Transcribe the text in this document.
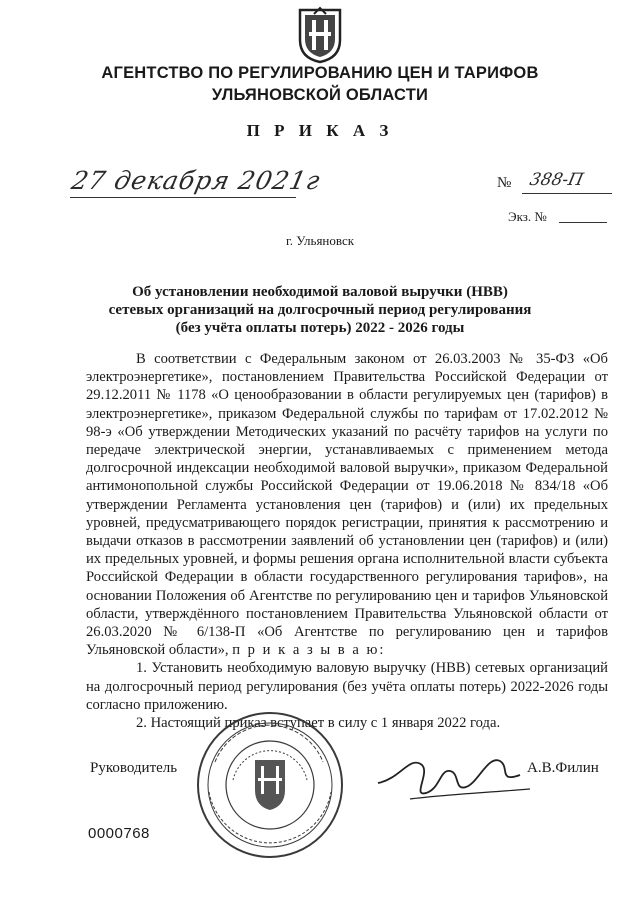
АГЕНТСТВО ПО РЕГУЛИРОВАНИЮ ЦЕН И ТАРИФОВ
УЛЬЯНОВСКОЙ ОБЛАСТИ
П Р И К А З
27 декабря 2021г	№ 388-П
Экз. №
г. Ульяновск
Об установлении необходимой валовой выручки (НВВ)
сетевых организаций на долгосрочный период регулирования
(без учёта оплаты потерь) 2022 - 2026 годы

В соответствии с Федеральным законом от 26.03.2003 № 35-ФЗ «Об электроэнергетике», постановлением Правительства Российской Федерации от 29.12.2011 № 1178 «О ценообразовании в области регулируемых цен (тарифов) в электроэнергетике», приказом Федеральной службы по тарифам от 17.02.2012 № 98-э «Об утверждении Методических указаний по расчёту тарифов на услуги по передаче электрической энергии, устанавливаемых с применением метода долгосрочной индексации необходимой валовой выручки», приказом Федеральной антимонопольной службы Российской Федерации от 19.06.2018 № 834/18 «Об утверждении Регламента установления цен (тарифов) и (или) их предельных уровней, предусматривающего порядок регистрации, принятия к рассмотрению и выдачи отказов в рассмотрении заявлений об установлении цен (тарифов) и (или) их предельных уровней, и формы решения органа исполнительной власти субъекта Российской Федерации в области государственного регулирования тарифов», на основании Положения об Агентстве по регулированию цен и тарифов Ульяновской области, утверждённого постановлением Правительства Ульяновской области от 26.03.2020 № 6/138-П «Об Агентстве по регулированию цен и тарифов Ульяновской области», п р и к а з ы в а ю:

1. Установить необходимую валовую выручку (НВВ) сетевых организаций на долгосрочный период регулирования (без учёта оплаты потерь) 2022-2026 годы согласно приложению.

2. Настоящий приказ вступает в силу с 1 января 2022 года.

Руководитель	А.В.Филин
0000768
